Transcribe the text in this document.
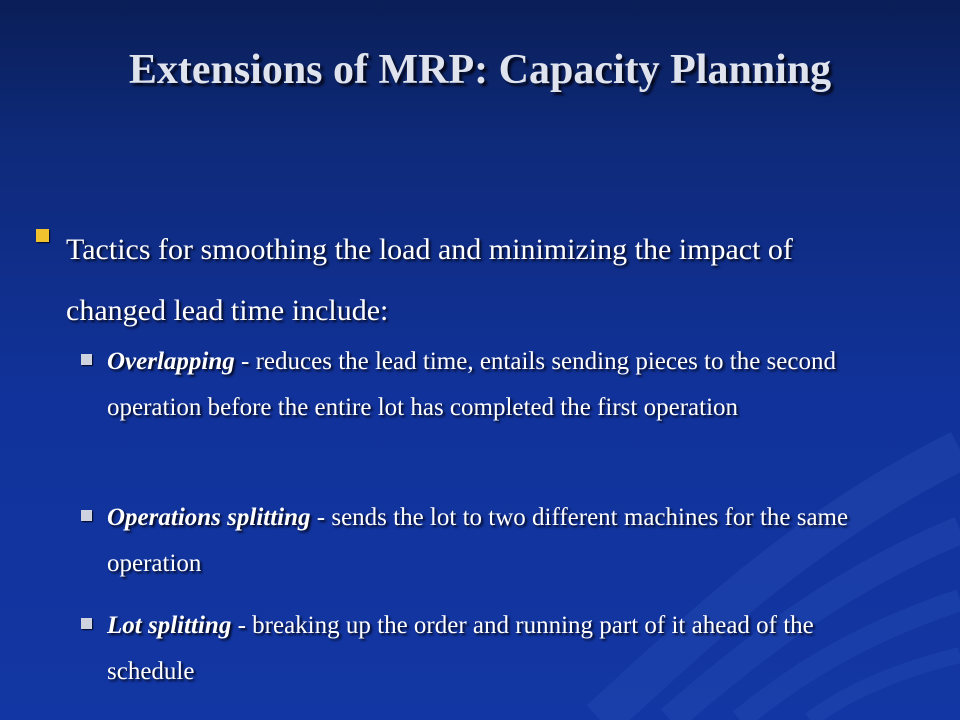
Extensions of MRP: Capacity Planning
Tactics for smoothing the load and minimizing the impact of changed lead time include:
Overlapping - reduces the lead time, entails sending pieces to the second operation before the entire lot has completed the first operation
Operations splitting - sends the lot to two different machines for the same operation
Lot splitting - breaking up the order and running part of it ahead of the schedule
